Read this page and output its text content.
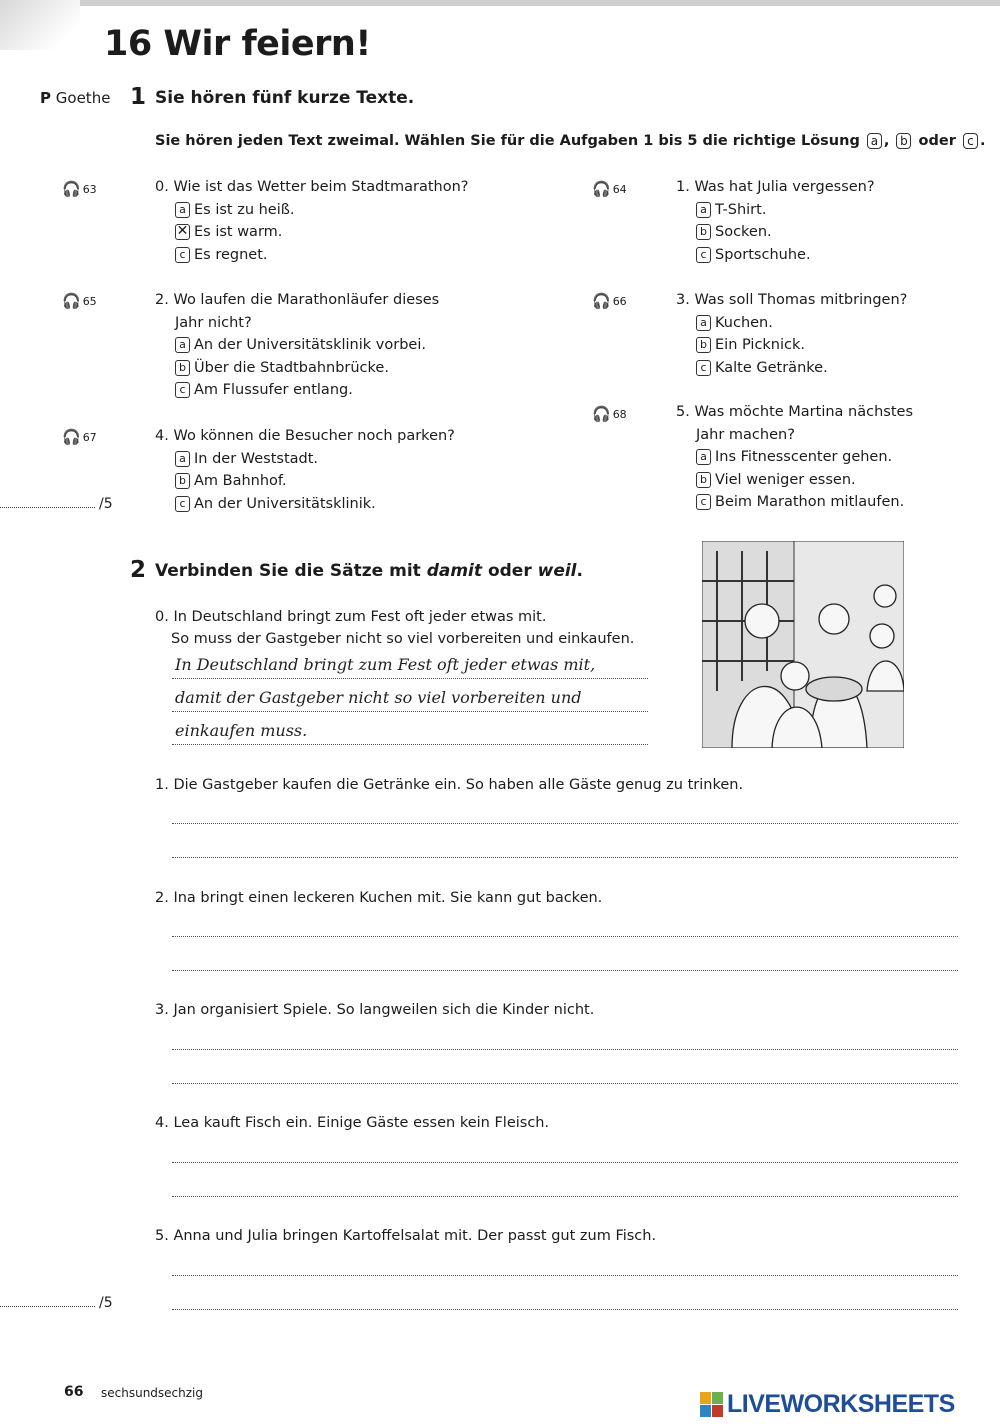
16 Wir feiern!
P Goethe 1 Sie hören fünf kurze Texte.
Sie hören jeden Text zweimal. Wählen Sie für die Aufgaben 1 bis 5 die richtige Lösung a , b oder c .
🎧 63	0. Wie ist das Wetter beim Stadtmarathon?
a Es ist zu heiß.
✕
Es ist warm.
c Es regnet.
🎧 64	1. Was hat Julia vergessen?
a T-Shirt.
b Socken.
c Sportschuhe.
🎧 65	2. Wo laufen die Marathonläufer dieses
Jahr nicht?
a An der Universitätsklinik vorbei.
b Über die Stadtbahnbrücke.
c Am Flussufer entlang.
🎧 66	3. Was soll Thomas mitbringen?
a Kuchen.
b Ein Picknick.
c Kalte Getränke.
🎧 67	4. Wo können die Besucher noch parken?
a In der Weststadt.
b Am Bahnhof.
c An der Universitätsklinik.
🎧 68	5. Was möchte Martina nächstes
Jahr machen?
a Ins Fitnesscenter gehen.
b Viel weniger essen.
c Beim Marathon mitlaufen.
/5
2 Verbinden Sie die Sätze mit damit oder weil.
0. In Deutschland bringt zum Fest oft jeder etwas mit.
So muss der Gastgeber nicht so viel vorbereiten und einkaufen.
In Deutschland bringt zum Fest oft jeder etwas mit,
damit der Gastgeber nicht so viel vorbereiten und
einkaufen muss.
1. Die Gastgeber kaufen die Getränke ein. So haben alle Gäste genug zu trinken.
2. Ina bringt einen leckeren Kuchen mit. Sie kann gut backen.
3. Jan organisiert Spiele. So langweilen sich die Kinder nicht.
4. Lea kauft Fisch ein. Einige Gäste essen kein Fleisch.
5. Anna und Julia bringen Kartoffelsalat mit. Der passt gut zum Fisch.
/5
66 sechsundsechzig	LIVEWORKSHEETS
